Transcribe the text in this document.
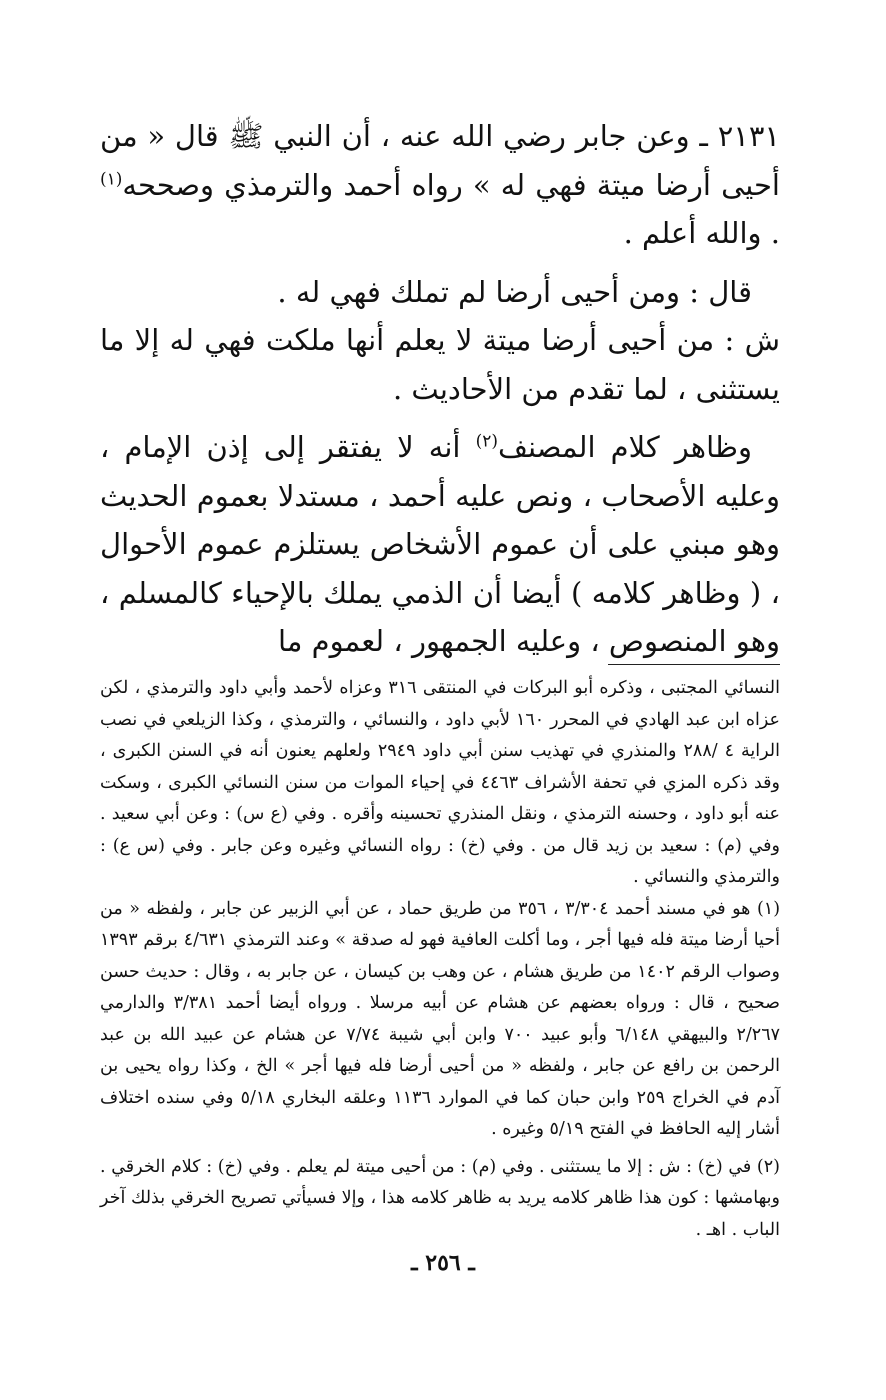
٢١٣١ ـ وعن جابر رضي الله عنه ، أن النبي ﷺ قال « من أحيى أرضا ميتة فهي له » رواه أحمد والترمذي وصححه$^{(١)}$ . والله أعلم .

قال : ومن أحيى أرضا لم تملك فهي له .

ش : من أحيى أرضا ميتة لا يعلم أنها ملكت فهي له إلا ما يستثنى ، لما تقدم من الأحاديث .

وظاهر كلام المصنف$^{(٢)}$ أنه لا يفتقر إلى إذن الإمام ، وعليه الأصحاب ، ونص عليه أحمد ، مستدلا بعموم الحديث وهو مبني على أن عموم الأشخاص يستلزم عموم الأحوال ، ( وظاهر كلامه ) أيضا أن الذمي يملك بالإحياء كالمسلم ، وهو المنصوص ، وعليه الجمهور ، لعموم ما

النسائي المجتبى ، وذكره أبو البركات في المنتقى ٣١٦ وعزاه لأحمد وأبي داود والترمذي ، لكن عزاه ابن عبد الهادي في المحرر ١٦٠ لأبي داود ، والنسائي ، والترمذي ، وكذا الزيلعي في نصب الراية ٤ /٢٨٨ والمنذري في تهذيب سنن أبي داود ٢٩٤٩ ولعلهم يعنون أنه في السنن الكبرى ، وقد ذكره المزي في تحفة الأشراف ٤٤٦٣ في إحياء الموات من سنن النسائي الكبرى ، وسكت عنه أبو داود ، وحسنه الترمذي ، ونقل المنذري تحسينه وأقره . وفي (ع س) : وعن أبي سعيد . وفي (م) : سعيد بن زيد قال من . وفي (خ) : رواه النسائي وغيره وعن جابر . وفي (س ع) : والترمذي والنسائي .

(١) هو في مسند أحمد ٣/٣٠٤ ، ٣٥٦ من طريق حماد ، عن أبي الزبير عن جابر ، ولفظه « من أحيا أرضا ميتة فله فيها أجر ، وما أكلت العافية فهو له صدقة » وعند الترمذي ٤/٦٣١ برقم ١٣٩٣ وصواب الرقم ١٤٠٢ من طريق هشام ، عن وهب بن كيسان ، عن جابر به ، وقال : حديث حسن صحيح ، قال : ورواه بعضهم عن هشام عن أبيه مرسلا . ورواه أيضا أحمد ٣/٣٨١ والدارمي ٢/٢٦٧ والبيهقي ٦/١٤٨ وأبو عبيد ٧٠٠ وابن أبي شيبة ٧/٧٤ عن هشام عن عبيد الله بن عبد الرحمن بن رافع عن جابر ، ولفظه « من أحيى أرضا فله فيها أجر » الخ ، وكذا رواه يحيى بن آدم في الخراج ٢٥٩ وابن حبان كما في الموارد ١١٣٦ وعلقه البخاري ٥/١٨ وفي سنده اختلاف أشار إليه الحافظ في الفتح ٥/١٩ وغيره .

(٢) في (خ) : ش : إلا ما يستثنى . وفي (م) : من أحيى ميتة لم يعلم . وفي (خ) : كلام الخرقي . وبهامشها : كون هذا ظاهر كلامه يريد به ظاهر كلامه هذا ، وإلا فسيأتي تصريح الخرقي بذلك آخر الباب . اهـ .

ـ ٢٥٦ ـ
